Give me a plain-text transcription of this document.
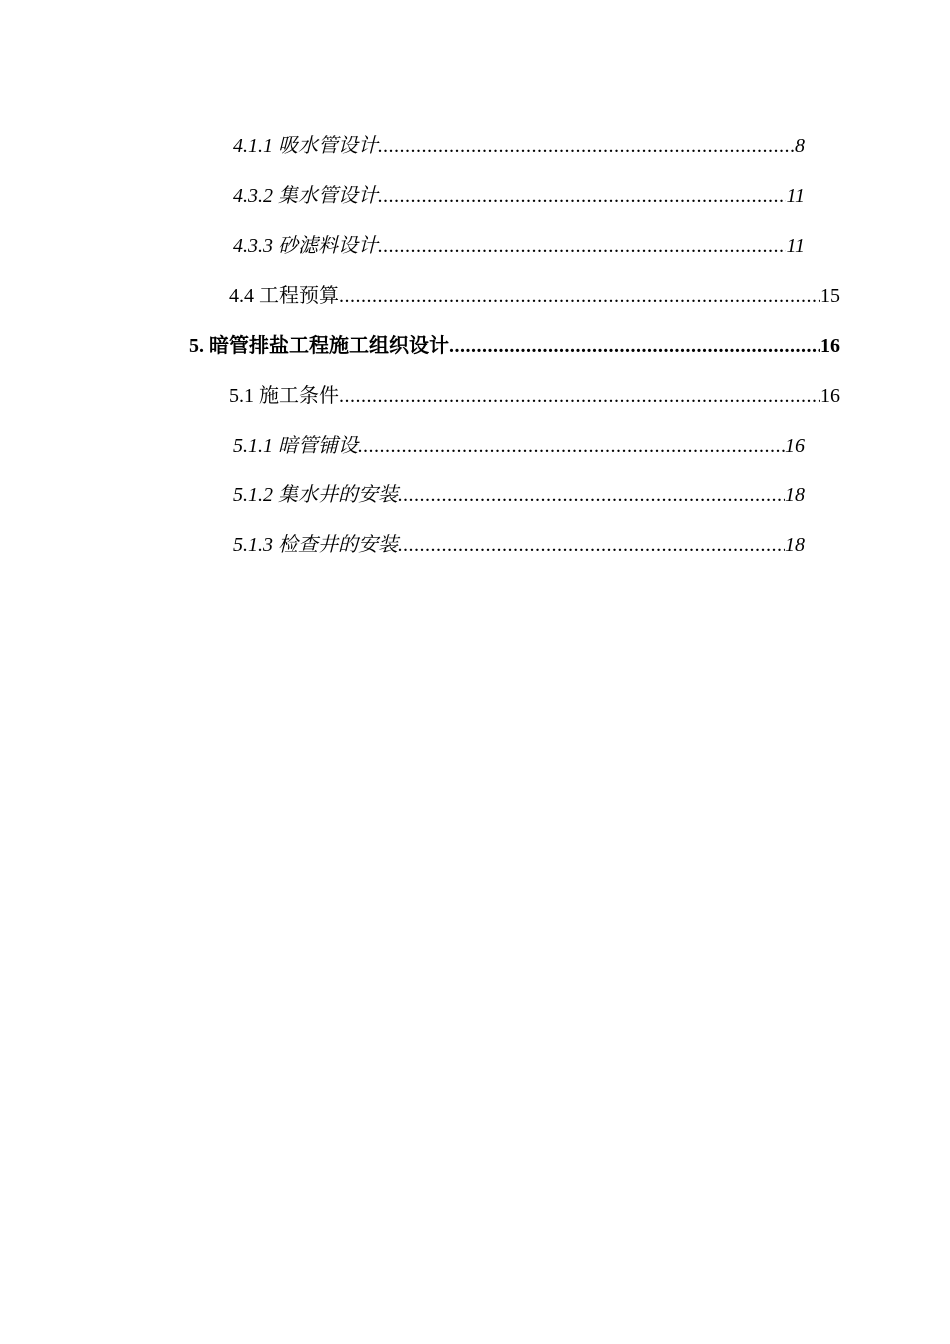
4.1.1 吸水管设计 .....	8
4.3.2 集水管设计 .....	11
4.3.3 砂滤料设计 .....	11
4.4 工程预算 .....	15
5. 暗管排盐工程施工组织设计 .....	16
5.1 施工条件 .....	16
5.1.1 暗管铺设 .....	16
5.1.2 集水井的安装 .....	18
5.1.3 检查井的安装 .....	18
